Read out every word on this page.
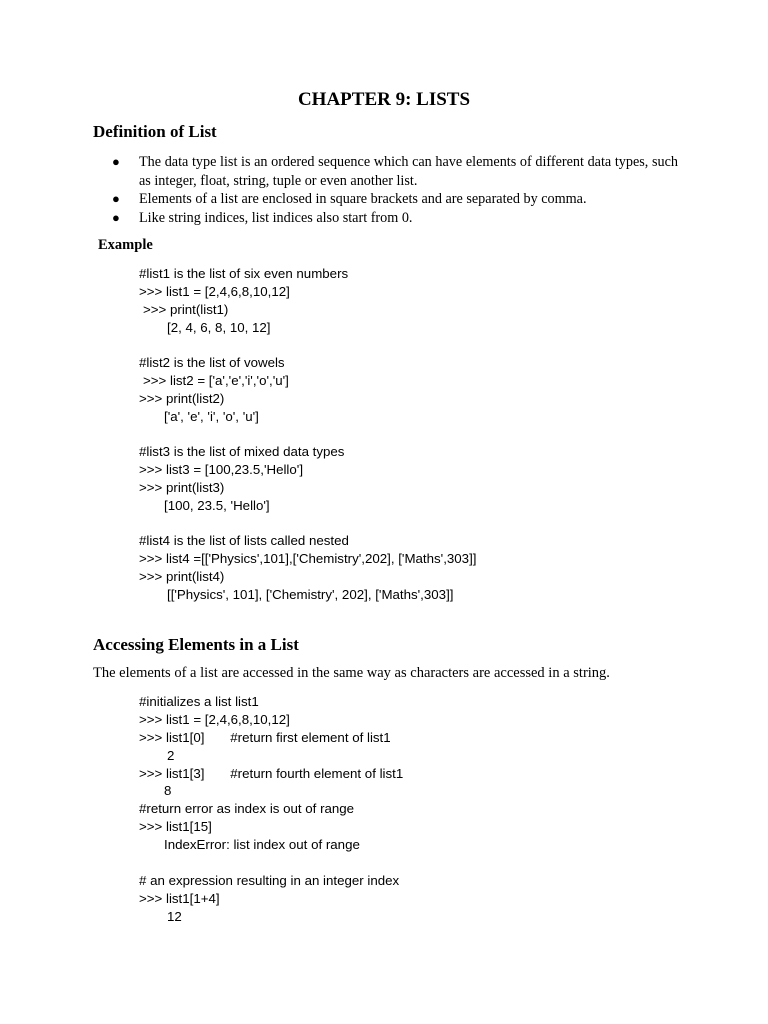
CHAPTER 9: LISTS
Definition of List
● The data type list is an ordered sequence which can have elements of different data types, such as integer, float, string, tuple or even another list.
● Elements of a list are enclosed in square brackets and are separated by comma.
● Like string indices, list indices also start from 0.
Example
#list1 is the list of six even numbers
>>> list1 = [2,4,6,8,10,12]
>>> print(list1)
[2, 4, 6, 8, 10, 12]
#list2 is the list of vowels
>>> list2 = ['a','e','i','o','u']
>>> print(list2)
['a', 'e', 'i', 'o', 'u']
#list3 is the list of mixed data types
>>> list3 = [100,23.5,'Hello']
>>> print(list3)
[100, 23.5, 'Hello']
#list4 is the list of lists called nested
>>> list4 =[['Physics',101],['Chemistry',202], ['Maths',303]]
>>> print(list4)
[['Physics', 101], ['Chemistry', 202], ['Maths',303]]
Accessing Elements in a List
The elements of a list are accessed in the same way as characters are accessed in a string.
#initializes a list list1
>>> list1 = [2,4,6,8,10,12]
>>> list1[0]       #return first element of list1
2
>>> list1[3]       #return fourth element of list1
8
#return error as index is out of range
>>> list1[15]
IndexError: list index out of range
# an expression resulting in an integer index
>>> list1[1+4]
12
